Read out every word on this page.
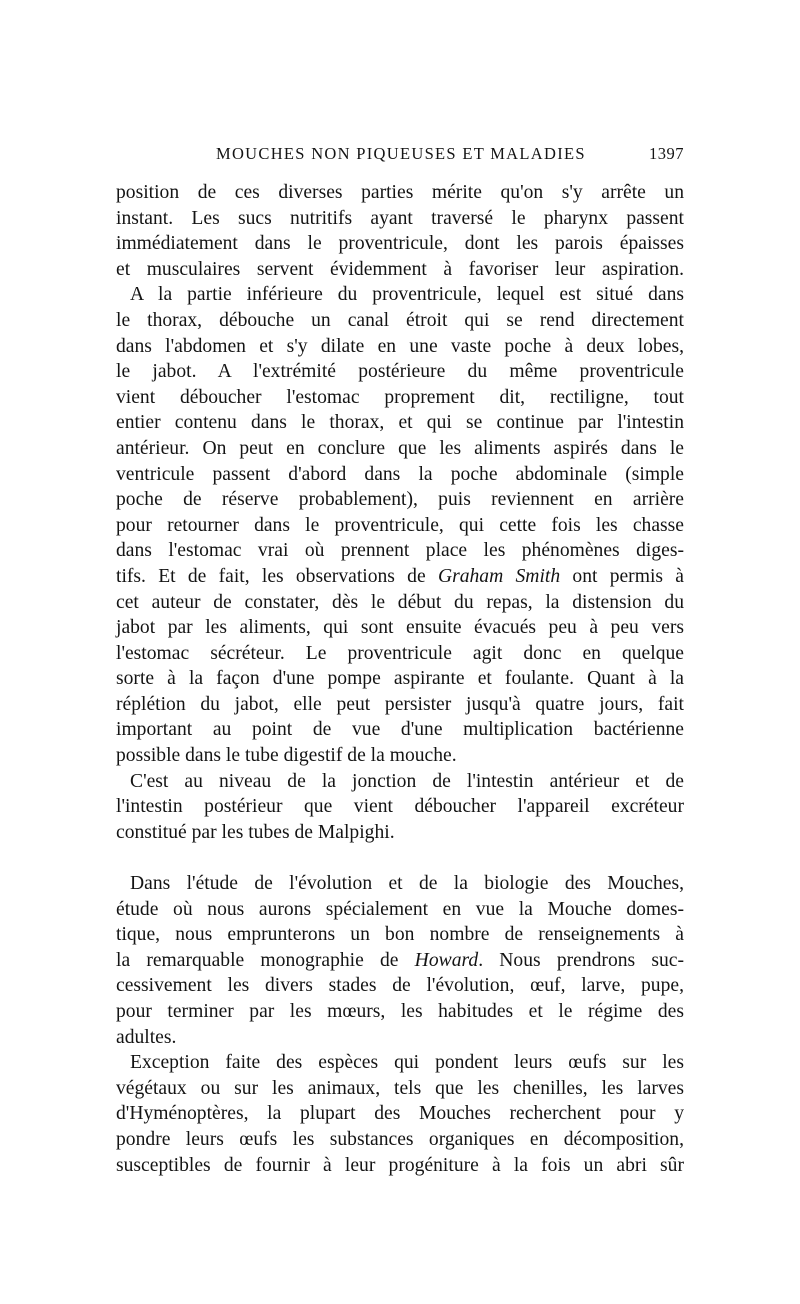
MOUCHES NON PIQUEUSES ET MALADIES	1397

position de ces diverses parties mérite qu'on s'y arrête un
instant. Les sucs nutritifs ayant traversé le pharynx passent
immédiatement dans le proventricule, dont les parois épaisses
et musculaires servent évidemment à favoriser leur aspiration.

A la partie inférieure du proventricule, lequel est situé dans
le thorax, débouche un canal étroit qui se rend directement
dans l'abdomen et s'y dilate en une vaste poche à deux lobes,
le jabot. A l'extrémité postérieure du même proventricule
vient déboucher l'estomac proprement dit, rectiligne, tout
entier contenu dans le thorax, et qui se continue par l'intestin
antérieur. On peut en conclure que les aliments aspirés dans le
ventricule passent d'abord dans la poche abdominale (simple
poche de réserve probablement), puis reviennent en arrière
pour retourner dans le proventricule, qui cette fois les chasse
dans l'estomac vrai où prennent place les phénomènes diges-
tifs. Et de fait, les observations de Graham Smith ont permis à
cet auteur de constater, dès le début du repas, la distension du
jabot par les aliments, qui sont ensuite évacués peu à peu vers
l'estomac sécréteur. Le proventricule agit donc en quelque
sorte à la façon d'une pompe aspirante et foulante. Quant à la
réplétion du jabot, elle peut persister jusqu'à quatre jours, fait
important au point de vue d'une multiplication bactérienne
possible dans le tube digestif de la mouche.

C'est au niveau de la jonction de l'intestin antérieur et de
l'intestin postérieur que vient déboucher l'appareil excréteur
constitué par les tubes de Malpighi.

Dans l'étude de l'évolution et de la biologie des Mouches,
étude où nous aurons spécialement en vue la Mouche domes-
tique, nous emprunterons un bon nombre de renseignements à
la remarquable monographie de Howard. Nous prendrons suc-
cessivement les divers stades de l'évolution, œuf, larve, pupe,
pour terminer par les mœurs, les habitudes et le régime des
adultes.

Exception faite des espèces qui pondent leurs œufs sur les
végétaux ou sur les animaux, tels que les chenilles, les larves
d'Hyménoptères, la plupart des Mouches recherchent pour y
pondre leurs œufs les substances organiques en décomposition,
susceptibles de fournir à leur progéniture à la fois un abri sûr
